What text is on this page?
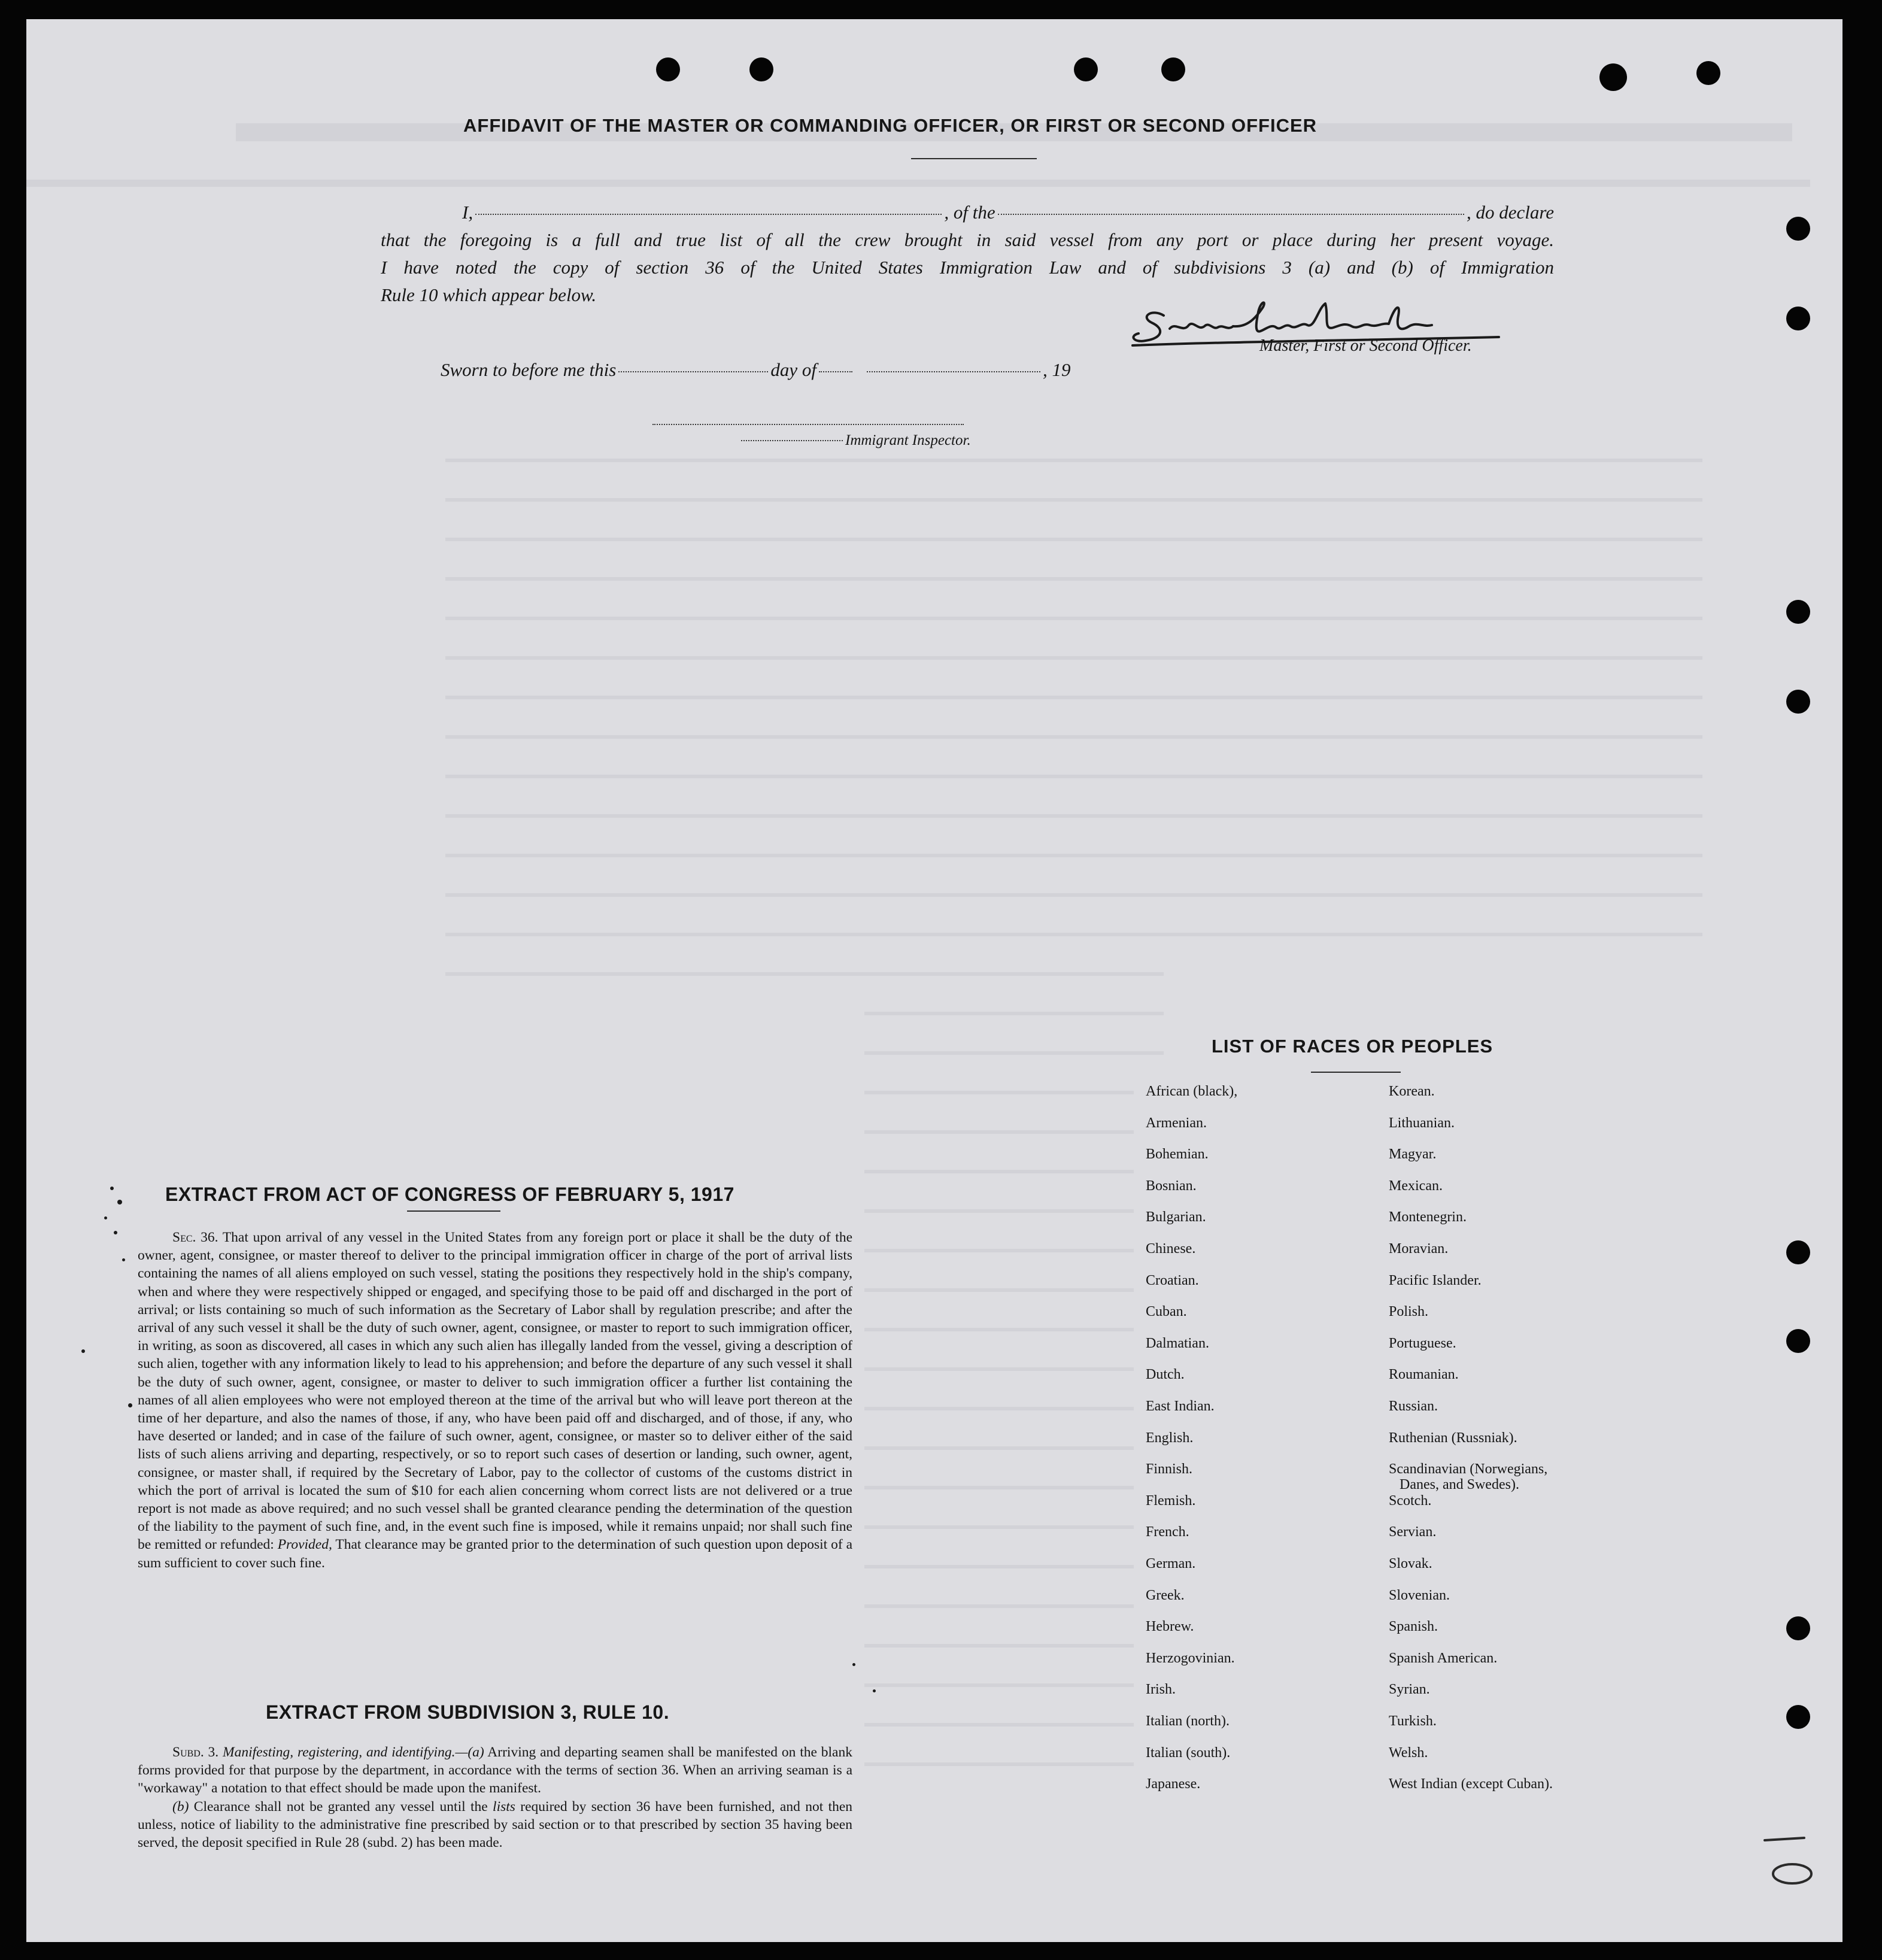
AFFIDAVIT OF THE MASTER OR COMMANDING OFFICER, OR FIRST OR SECOND OFFICER
I,	, of the	, do declare
that the foregoing is a full and true list of all the crew brought in said vessel from any port or place during her present voyage.
I have noted the copy of section 36 of the United States Immigration Law and of subdivisions 3 (a) and (b) of Immigration
Rule 10 which appear below.
Master, First or Second Officer.
Sworn to before me this	day of	, 19
Immigrant Inspector.
LIST OF RACES OR PEOPLES
African (black),
Armenian.
Bohemian.
Bosnian.
Bulgarian.
Chinese.
Croatian.
Cuban.
Dalmatian.
Dutch.
East Indian.
English.
Finnish.
Flemish.
French.
German.
Greek.
Hebrew.
Herzogovinian.
Irish.
Italian (north).
Italian (south).
Japanese.
Korean.
Lithuanian.
Magyar.
Mexican.
Montenegrin.
Moravian.
Pacific Islander.
Polish.
Portuguese.
Roumanian.
Russian.
Ruthenian (Russniak).
Scandinavian (Norwegians,
Danes, and Swedes).
Scotch.
Servian.
Slovak.
Slovenian.
Spanish.
Spanish American.
Syrian.
Turkish.
Welsh.
West Indian (except Cuban).
EXTRACT FROM ACT OF CONGRESS OF FEBRUARY 5, 1917

Sec. 36. That upon arrival of any vessel in the United States from any foreign port or place it shall be the duty of the owner, agent, consignee, or master thereof to deliver to the principal immigration officer in charge of the port of arrival lists containing the names of all aliens employed on such vessel, stating the positions they respectively hold in the ship's company, when and where they were respectively shipped or engaged, and specifying those to be paid off and discharged in the port of arrival; or lists containing so much of such information as the Secretary of Labor shall by regulation prescribe; and after the arrival of any such vessel it shall be the duty of such owner, agent, consignee, or master to report to such immigration officer, in writing, as soon as discovered, all cases in which any such alien has illegally landed from the vessel, giving a description of such alien, together with any information likely to lead to his apprehension; and before the departure of any such vessel it shall be the duty of such owner, agent, consignee, or master to deliver to such immigration officer a further list containing the names of all alien employees who were not employed thereon at the time of the arrival but who will leave port thereon at the time of her departure, and also the names of those, if any, who have been paid off and discharged, and of those, if any, who have deserted or landed; and in case of the failure of such owner, agent, consignee, or master so to deliver either of the said lists of such aliens arriving and departing, respectively, or so to report such cases of desertion or landing, such owner, agent, consignee, or master shall, if required by the Secretary of Labor, pay to the collector of customs of the customs district in which the port of arrival is located the sum of $10 for each alien concerning whom correct lists are not delivered or a true report is not made as above required; and no such vessel shall be granted clearance pending the determination of the question of the liability to the payment of such fine, and, in the event such fine is imposed, while it remains unpaid; nor shall such fine be remitted or refunded: Provided, That clearance may be granted prior to the determination of such question upon deposit of a sum sufficient to cover such fine.

EXTRACT FROM SUBDIVISION 3, RULE 10.

Subd. 3. Manifesting, registering, and identifying.—(a) Arriving and departing seamen shall be manifested on the blank forms provided for that purpose by the department, in accordance with the terms of section 36. When an arriving seaman is a "workaway" a notation to that effect should be made upon the manifest.

(b) Clearance shall not be granted any vessel until the lists required by section 36 have been furnished, and not then unless, notice of liability to the administrative fine prescribed by said section or to that prescribed by section 35 having been served, the deposit specified in Rule 28 (subd. 2) has been made.
